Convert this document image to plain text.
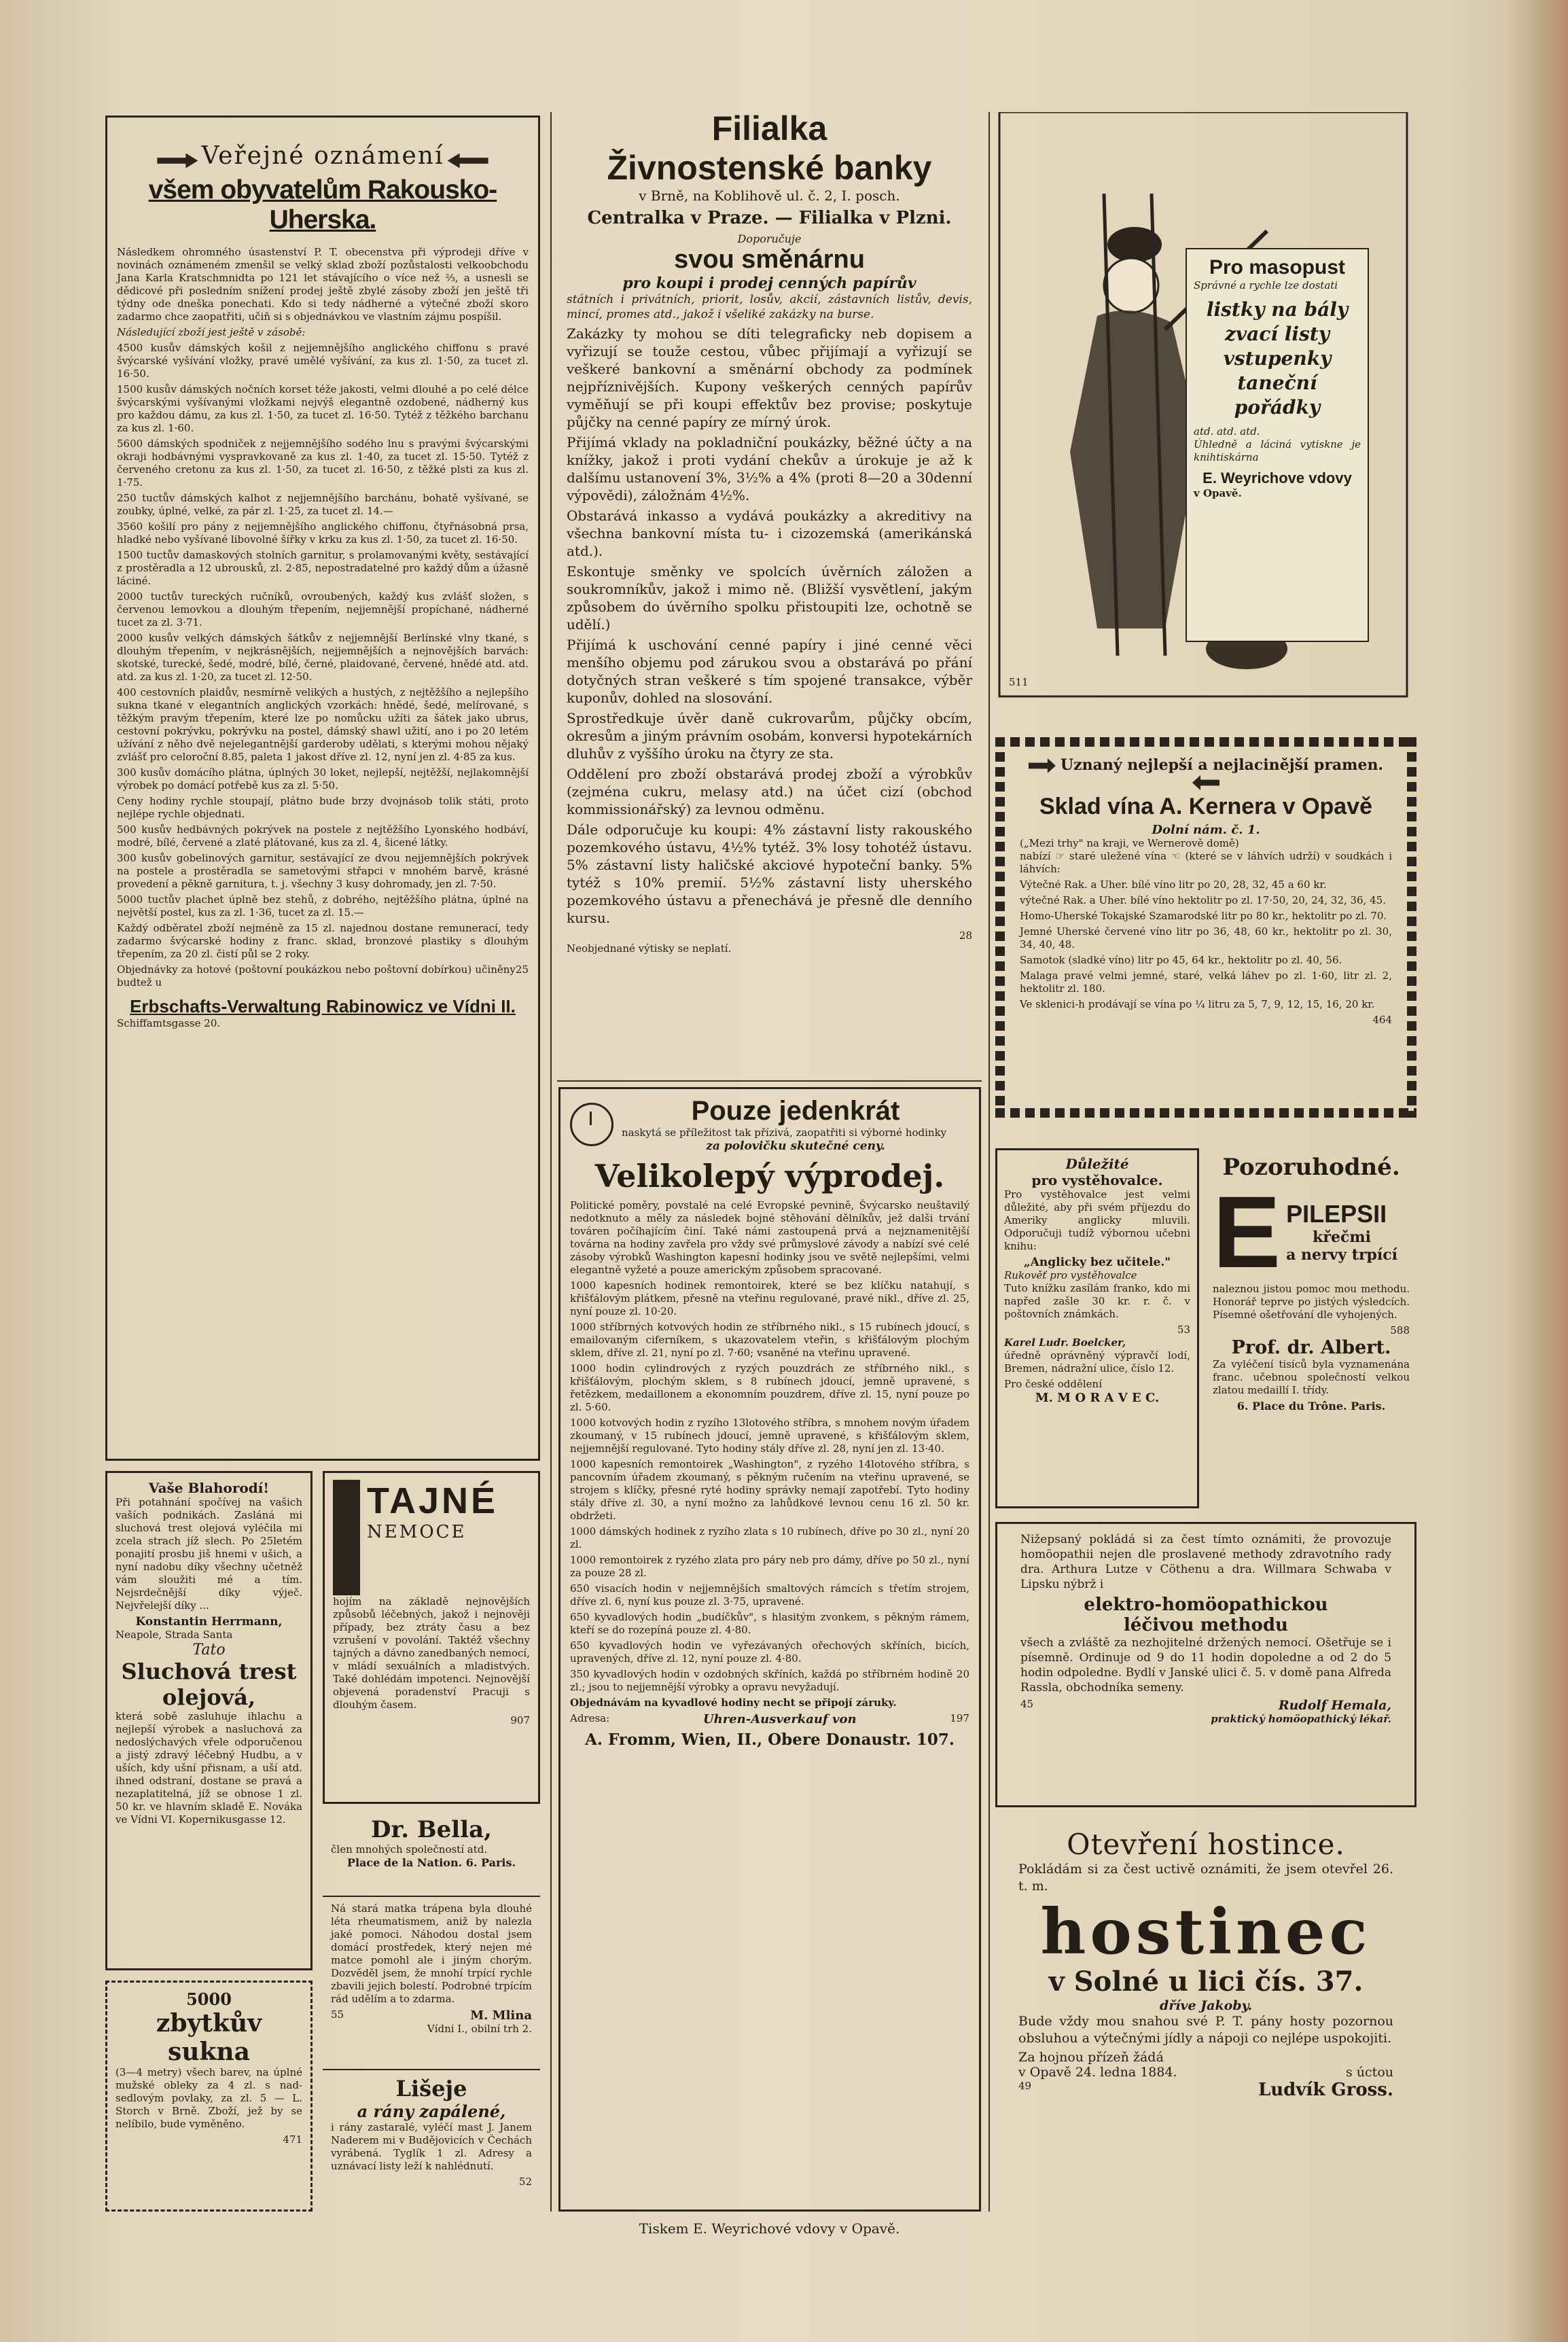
Veřejné oznámení
všem obyvatelům Rakousko-Uherska.

Následkem ohromného úsastenství P. T. obecenstva při výprodeji dříve v novinách oznámeném zmenšil se velký sklad zboží pozůstalosti velkoobchodu Jana Karla Kratschmnidta po 121 let stávajícího o více než ⅔, a usnesli se dědicové při posledním snížení prodej ještě zbylé zásoby zboží jen ještě tři týdny ode dneška ponechati. Kdo si tedy nádherné a výtečné zboží skoro zadarmo chce zaopatřiti, učiň si s objednávkou ve vlastním zájmu pospíšil.

Následující zboží jest ještě v zásobě:

4500 kusův dámských košil z nejjemnějšího anglického chiffonu s pravé švýcarské vyšívání vložky, pravé umělé vyšívání, za kus zl. 1·50, za tucet zl. 16·50.

1500 kusův dámských nočních korset téže jakosti, velmi dlouhé a po celé délce švýcarskými vyšívanými vložkami nejvýš elegantně ozdobené, nádherný kus pro každou dámu, za kus zl. 1·50, za tucet zl. 16·50. Tytéž z těžkého barchanu za kus zl. 1·60.

5600 dámských spodniček z nejjemnějšího sodého lnu s pravými švýcarskými okraji hodbávnými vyspravkovaně za kus zl. 1·40, za tucet zl. 15·50. Tytéž z červeného cretonu za kus zl. 1·50, za tucet zl. 16·50, z těžké plsti za kus zl. 1·75.

250 tuctův dámských kalhot z nejjemnějšího barchánu, bohatě vyšívané, se zoubky, úplné, velké, za pár zl. 1·25, za tucet zl. 14.—

3560 košilí pro pány z nejjemnějšího anglického chiffonu, čtyřnásobná prsa, hladké nebo vyšívané libovolné šířky v krku za kus zl. 1·50, za tucet zl. 16·50.

1500 tuctův damaskových stolních garnitur, s prolamovanými květy, sestávající z prostěradla a 12 ubrousků, zl. 2·85, nepostradatelné pro každý dům a úžasně láciné.

2000 tuctův tureckých ručníků, ovroubených, každý kus zvlášť složen, s červenou lemovkou a dlouhým třepením, nejjemnější propíchané, nádherné tucet za zl. 3·71.

2000 kusův velkých dámských šátkův z nejjemnější Berlínské vlny tkané, s dlouhým třepením, v nejkrásnějších, nejjemnějších a nejnovějších barvách: skotské, turecké, šedé, modré, bílé, černé, plaidované, červené, hnědé atd. atd. atd. za kus zl. 1·20, za tucet zl. 12·50.

400 cestovních plaidův, nesmírně velikých a hustých, z nejtěžšího a nejlepšího sukna tkané v elegantních anglických vzorkách: hnědé, šedé, melírované, s těžkým pravým třepením, které lze po nomůcku užíti za šátek jako ubrus, cestovní pokrývku, pokrývku na postel, dámský shawl užití, ano i po 20 letém užívání z něho dvě nejelegantnější garderoby udělati, s kterými mohou nějaký zvlášť pro celoroční 8.85, paleta 1 jakost dříve zl. 12, nyní jen zl. 4·85 za kus.

300 kusův domácího plátna, úplných 30 loket, nejlepší, nejtěžší, nejlakomnější výrobek po domácí potřebě kus za zl. 5·50.

Ceny hodiny rychle stoupají, plátno bude brzy dvojnásob tolik státi, proto nejlépe rychle objednati.

500 kusův hedbávných pokrývek na postele z nejtěžšího Lyonského hodbáví, modré, bílé, červené a zlaté plátované, kus za zl. 4, šicené látky.

300 kusův gobelinových garnitur, sestávající ze dvou nejjemnějších pokrývek na postele a prostěradla se sametovými střapci v mnohém barvě, krásné provedení a pěkně garnitura, t. j. všechny 3 kusy dohromady, jen zl. 7·50.

5000 tuctův plachet úplně bez stehů, z dobrého, nejtěžšího plátna, úplné na největší postel, kus za zl. 1·36, tucet za zl. 15.—

Každý odběratel zboží nejméně za 15 zl. najednou dostane remunerací, tedy zadarmo švýcarské hodiny z franc. sklad, bronzové plastiky s dlouhým třepením, za 20 zl. čistí půl se 2 roky.

Objednávky za hotové (poštovní poukázkou nebo poštovní dobírkou) učiněny budtež u
25
Erbschafts-Verwaltung Rabinowicz ve Vídni II.
Schiffamtsgasse 20.
Vaše Blahorodí!

Při potahnání spočívej na vašich vaších podnikách. Zasláná mi sluchová trest olejová vyléčila mi zcela strach jíž slech. Po 25letém ponajití prosbu jiš hnemi v ušich, a nyní nadobu díky všechny učetněž vám sloužiti mé a tím. Nejsrdečnější díky výječ. Nejvřelejší díky ...

Konstantin Herrmann,
Neapole, Strada Santa
Tato
Sluchová trest olejová,

která sobě zasluhuje ihlachu a nejlepší výrobek a nasluchová za nedoslýchavých vřele odporučenou a jistý zdravý léčebný Hudbu, a v uších, kdy ušní přisnam, a uší atd. ihned odstraní, dostane se pravá a nezaplatitelná, jíž se obnose 1 zl. 50 kr. ve hlavním skladě E. Nováka ve Vídni VI. Kopernikusgasse 12.

5000
zbytkův sukna

(3—4 metry) všech barev, na úplné mužské obleky za 4 zl. s nad-sedlovým povlaky, za zl. 5 — L. Storch v Brně. Zboží, jež by se nelíbilo, bude vyměněno.

471
TAJNÉ
NEMOCE

hojím na základě nejnovějších způsobů léčebných, jakož i nejnověji případy, bez ztráty času a bez vzrušení v povolání. Taktéž všechny tajných a dávno zanedbaných nemocí, v mládí sexuálních a mladistvých. Také dohlédám impotenci. Nejnovější objevená poradenství Pracuji s dlouhým časem.

907
Dr. Bella,
člen mnohých společností atd.
Place de la Nation. 6. Paris.

Ná stará matka trápena byla dlouhé léta rheumatismem, aniž by nalezla jaké pomoci. Náhodou dostal jsem domácí prostředek, který nejen mé matce pomohl ale i jiným chorým. Dozvěděl jsem, že mnohí trpící rychle zbavili jejich bolestí. Podrobné trpícím rád udělím a to zdarma.

55	M. Mlina
Vídni I., obilní trh 2.
Lišeje
a rány zapálené,

i rány zastaralé, vyléčí mast J. Janem Naderem mi v Budějovicích v Čechách vyrábená. Tyglík 1 zl. Adresy a uznávací listy leží k nahlédnutí.

52
Filialka
Živnostenské banky
v Brně, na Koblihově ul. č. 2, I. posch.
Centralka v Praze. — Filialka v Plzni.
Doporučuje
svou směnárnu
pro koupi i prodej cenných papírův

státních i privátních, priorit, losův, akcií, zástavních listův, devis, mincí, promes atd., jakož i všeliké zakázky na burse.

Zakázky ty mohou se díti telegraficky neb dopisem a vyřizují se touže cestou, vůbec přijímají a vyřizují se veškeré bankovní a směnární obchody za podmínek nejpříznivějších. Kupony veškerých cenných papírův vyměňují se při koupi effektův bez provise; poskytuje půjčky na cenné papíry ze mírný úrok.

Přijímá vklady na pokladniční poukázky, běžné účty a na knížky, jakož i proti vydání chekův a úrokuje je až k dalšímu ustanovení 3%, 3½% a 4% (proti 8—20 a 30denní výpovědi), záložnám 4½%.

Obstarává inkasso a vydává poukázky a akreditivy na všechna bankovní místa tu- i cizozemská (amerikánská atd.).

Eskontuje směnky ve spolcích úvěrních záložen a soukromníkův, jakož i mimo ně. (Bližší vysvětlení, jakým způsobem do úvěrního spolku přistoupiti lze, ochotně se udělí.)

Přijímá k uschování cenné papíry i jiné cenné věci menšího objemu pod zárukou svou a obstarává po přání dotyčných stran veškeré s tím spojené transakce, výběr kuponův, dohled na slosování.

Sprostředkuje úvěr daně cukrovarům, půjčky obcím, okresům a jiným právním osobám, konversi hypotekárních dluhův z vyššího úroku na čtyry ze sta.

Oddělení pro zboží obstarává prodej zboží a výrobkův (zejména cukru, melasy atd.) na účet cizí (obchod kommissionářský) za levnou odměnu.

Dále odporučuje ku koupi: 4% zástavní listy rakouského pozemkového ústavu, 4½% tytéž. 3% losy tohotéž ústavu. 5% zástavní listy haličské akciové hypoteční banky. 5% tytéž s 10% premií. 5½% zástavní listy uherského pozemkového ústavu a přenechává je přesně dle denního kursu.

28
Neobjednané výtisky se neplatí.
Pouze jedenkrát
naskytá se příležitost tak přízivá, zaopatřiti si výborné hodinky
za polovičku skutečné ceny.
Velikolepý výprodej.

Politické poměry, povstalé na celé Evropské pevnině, Švýcarsko neuštavilý nedotknuto a měly za následek bojné stěhování dělníkův, jež dalši trvání továren počíhajícím činí. Také námi zastoupená prvá a nejznamenitější továrna na hodiny zavřela pro vždy své průmyslové závody a nabízí své celé zásoby výrobků Washington kapesní hodinky jsou ve světě nejlepšími, velmi elegantně vyžeté a pouze americkým způsobem spracované.

1000 kapesních hodinek remontoirek, které se bez klíčku natahují, s křišťálovým plátkem, přesně na vteřinu regulované, pravé nikl., dříve zl. 25, nyní pouze zl. 10·20.

1000 stříbrných kotvových hodin ze stříbrného nikl., s 15 rubínech jdoucí, s emailovaným ciferníkem, s ukazovatelem vteřin, s křišťálovým plochým sklem, dříve zl. 21, nyní po zl. 7·60; vsaněné na vteřinu upravené.

1000 hodin cylindrových z ryzých pouzdrách ze stříbrného nikl., s křišťálovým, plochým sklem, s 8 rubínech jdoucí, jemně upravené, s řetězkem, medaillonem a ekonomním pouzdrem, dříve zl. 15, nyní pouze po zl. 5·60.

1000 kotvových hodin z ryzího 13lotového stříbra, s mnohem novým úřadem zkoumaný, v 15 rubínech jdoucí, jemně upravené, s křišťálovým sklem, nejjemnější regulované. Tyto hodiny stály dříve zl. 28, nyní jen zl. 13·40.

1000 kapesních remontoirek „Washington", z ryzého 14lotového stříbra, s pancovním úřadem zkoumaný, s pěkným ručením na vteřinu upravené, se strojem s klíčky, přesné ryté hodiny správky nemají zapotřebí. Tyto hodiny stály dříve zl. 30, a nyní možno za lahůdkové levnou cenu 16 zl. 50 kr. obdržeti.

1000 dámských hodinek z ryzího zlata s 10 rubínech, dříve po 30 zl., nyní 20 zl.

1000 remontoirek z ryzého zlata pro páry neb pro dámy, dříve po 50 zl., nyní za pouze 28 zl.

650 visacích hodin v nejjemnějších smaltových rámcích s třetím strojem, dříve zl. 6, nyní kus pouze zl. 3·75, upravené.

650 kyvadlových hodin „budíčkův", s hlasitým zvonkem, s pěkným rámem, kteří se do rozepíná pouze zl. 4·80.

650 kyvadlových hodin ve vyřezávaných ořechových skříních, bicích, upravených, dříve zl. 12, nyní pouze zl. 4·80.

350 kyvadlových hodin v ozdobných skříních, každá po stříbrném hodině 20 zl.; jsou to nejjemnější výrobky a opravu nevyžadují.

Objednávám na kyvadlové hodiny necht se připojí záruky.

Adresa:	Uhren-Ausverkauf von	197
A. Fromm, Wien, II., Obere Donaustr. 107.
Pro masopust
Správné a rychle lze dostati
listky na bály zvací listy vstupenky taneční pořádky
atd. atd. atd.
Úhledně a láciná vytiskne je knihtiskárna
E. Weyrichove vdovy
v Opavě.
511
Uznaný nejlepší a nejlacinější pramen.
Sklad vína A. Kernera v Opavě
Dolní nám. č. 1.
(„Mezi trhy" na kraji, ve Wernerově domě)

nabízí ☞ staré uležené vína ☜ (které se v láhvích udrží) v soudkách i láhvích:

Výtečné Rak. a Uher. bílé víno litr po 20, 28, 32, 45 a 60 kr.

výtečné Rak. a Uher. bílé víno hektolitr po zl. 17·50, 20, 24, 32, 36, 45.

Homo-Uherské Tokajské Szamarodské litr po 80 kr., hektolitr po zl. 70.

Jemné Uherské červené víno litr po 36, 48, 60 kr., hektolitr po zl. 30, 34, 40, 48.

Samotok (sladké víno) litr po 45, 64 kr., hektolitr po zl. 40, 56.

Malaga pravé velmi jemné, staré, velká láhev po zl. 1·60, litr zl. 2, hektolitr zl. 180.

Ve sklenici-h prodávají se vína po ¼ litru za 5, 7, 9, 12, 15, 16, 20 kr.

464
Důležité
pro vystěhovalce.

Pro vystěhovalce jest velmi důležité, aby při svém příjezdu do Ameriky anglicky mluvili. Odporučuji tudíž výbornou učebni knihu:

„Anglicky bez učitele."
Rukověť pro vystěhovalce

Tuto knížku zasílám franko, kdo mi napřed zašle 30 kr. r. č. v poštovních známkách.

53
Karel Ludr. Boelcker,

úředně oprávněný výpravčí lodí, Bremen, nádražní ulice, číslo 12.

Pro české oddělení
M. M O R A V E C.
Pozoruhodné.
E PILEPSII
křečmi
a nervy trpící

naleznou jistou pomoc mou methodu. Honorář teprve po jistých výsledcích. Písemné ošetřování dle vyhojených.

588
Prof. dr. Albert.

Za vyléčení tisíců byla vyznamenána franc. učebnou společností velkou zlatou medaillí I. třídy.

6. Place du Trône. Paris.

Nižepsaný pokládá si za čest tímto oznámiti, že provozuje homöopathii nejen dle proslavené methody zdravotního rady dra. Arthura Lutze v Cöthenu a dra. Willmara Schwaba v Lipsku nýbrž i

elektro-homöopathickou
léčivou methodu

všech a zvláště za nezhojitelné držených nemocí. Ošetřuje se i písemně. Ordinuje od 9 do 11 hodin dopoledne a od 2 do 5 hodin odpoledne. Bydlí v Janské ulici č. 5. v domě pana Alfreda Rassla, obchodníka semeny.

45	Rudolf Hemala,
praktický homöopathický lékař.
Otevření hostince.

Pokládám si za čest uctivě oznámiti, že jsem otevřel 26. t. m.

hostinec
v Solné u lici čís. 37.
dříve Jakoby.

Bude vždy mou snahou své P. T. pány hosty pozornou obsluhou a výtečnými jídly a nápoji co nejlépe uspokojiti.

Za hojnou přízeň žádá
v Opavě 24. ledna 1884.	s úctou
49	Ludvík Gross.
Tiskem E. Weyrichové vdovy v Opavě.
